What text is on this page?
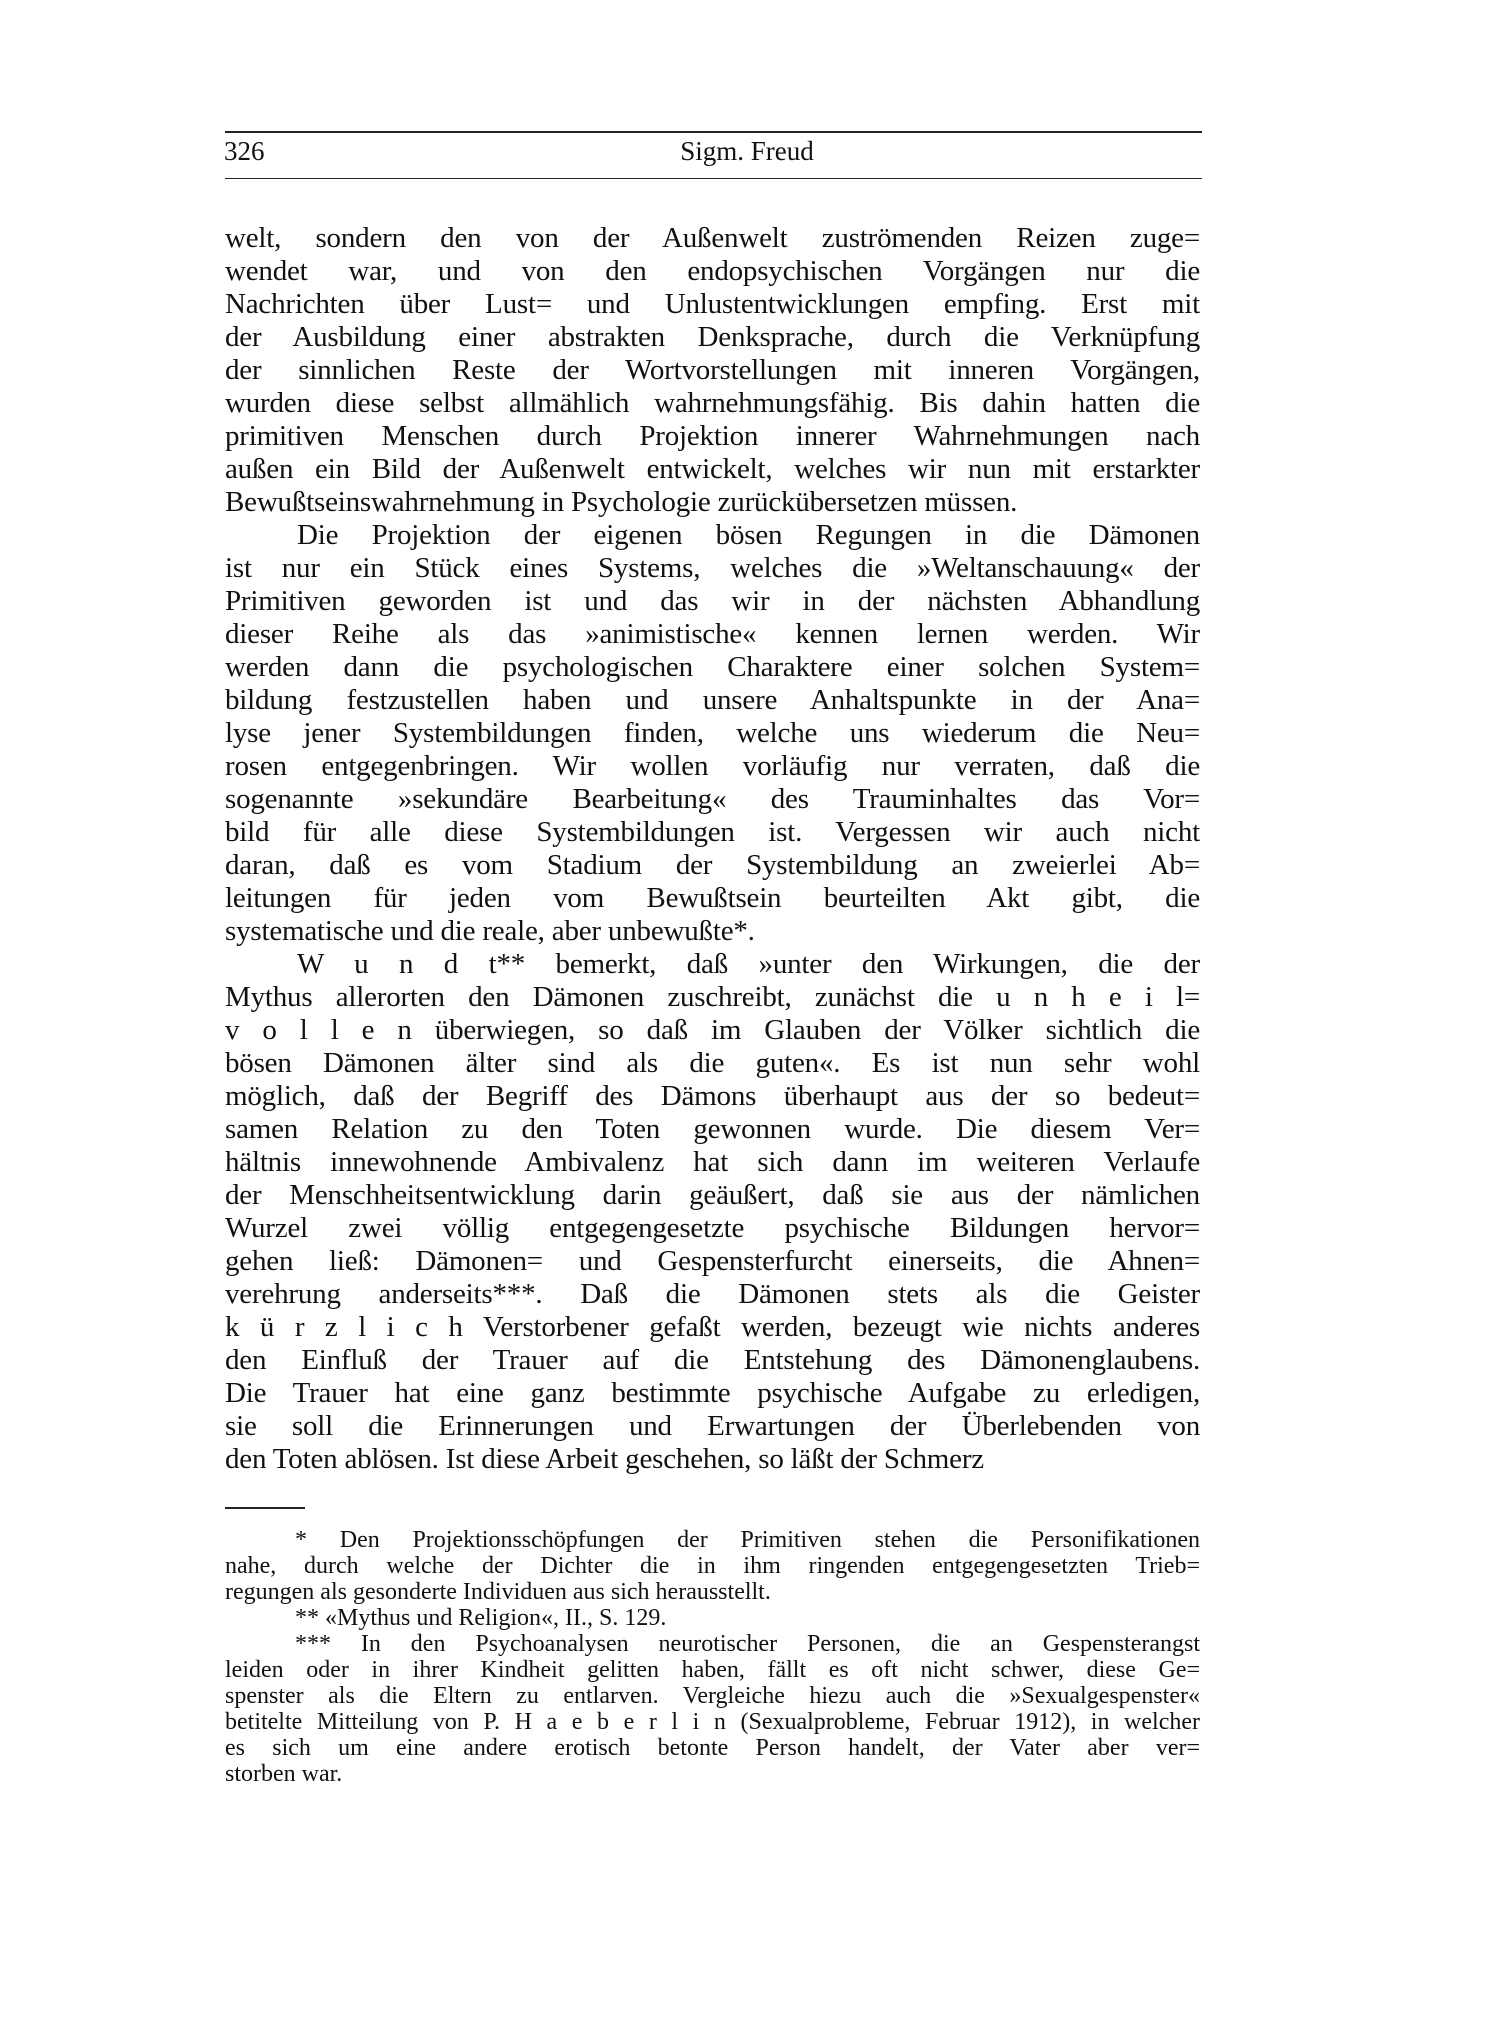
326	Sigm. Freud
welt, sondern den von der Außenwelt zuströmenden Reizen zuge=
wendet war, und von den endopsychischen Vorgängen nur die
Nachrichten über Lust= und Unlustentwicklungen empfing. Erst mit
der Ausbildung einer abstrakten Denksprache, durch die Verknüpfung
der sinnlichen Reste der Wortvorstellungen mit inneren Vorgängen,
wurden diese selbst allmählich wahrnehmungsfähig. Bis dahin hatten die
primitiven Menschen durch Projektion innerer Wahrnehmungen nach
außen ein Bild der Außenwelt entwickelt, welches wir nun mit erstarkter
Bewußtseinswahrnehmung in Psychologie zurückübersetzen müssen.
Die Projektion der eigenen bösen Regungen in die Dämonen
ist nur ein Stück eines Systems, welches die »Weltanschauung« der
Primitiven geworden ist und das wir in der nächsten Abhandlung
dieser Reihe als das »animistische« kennen lernen werden. Wir
werden dann die psychologischen Charaktere einer solchen System=
bildung festzustellen haben und unsere Anhaltspunkte in der Ana=
lyse jener Systembildungen finden, welche uns wiederum die Neu=
rosen entgegenbringen. Wir wollen vorläufig nur verraten, daß die
sogenannte »sekundäre Bearbeitung« des Trauminhaltes das Vor=
bild für alle diese Systembildungen ist. Vergessen wir auch nicht
daran, daß es vom Stadium der Systembildung an zweierlei Ab=
leitungen für jeden vom Bewußtsein beurteilten Akt gibt, die
systematische und die reale, aber unbewußte*.
W u n d t** bemerkt, daß »unter den Wirkungen, die der
Mythus allerorten den Dämonen zuschreibt, zunächst die u n h e i l=
v o l l e n überwiegen, so daß im Glauben der Völker sichtlich die
bösen Dämonen älter sind als die guten«. Es ist nun sehr wohl
möglich, daß der Begriff des Dämons überhaupt aus der so bedeut=
samen Relation zu den Toten gewonnen wurde. Die diesem Ver=
hältnis innewohnende Ambivalenz hat sich dann im weiteren Verlaufe
der Menschheitsentwicklung darin geäußert, daß sie aus der nämlichen
Wurzel zwei völlig entgegengesetzte psychische Bildungen hervor=
gehen ließ: Dämonen= und Gespensterfurcht einerseits, die Ahnen=
verehrung anderseits***. Daß die Dämonen stets als die Geister
k ü r z l i c h Verstorbener gefaßt werden, bezeugt wie nichts anderes
den Einfluß der Trauer auf die Entstehung des Dämonenglaubens.
Die Trauer hat eine ganz bestimmte psychische Aufgabe zu erledigen,
sie soll die Erinnerungen und Erwartungen der Überlebenden von
den Toten ablösen. Ist diese Arbeit geschehen, so läßt der Schmerz
* Den Projektionsschöpfungen der Primitiven stehen die Personifikationen
nahe, durch welche der Dichter die in ihm ringenden entgegengesetzten Trieb=
regungen als gesonderte Individuen aus sich herausstellt.
** «Mythus und Religion«, II., S. 129.
*** In den Psychoanalysen neurotischer Personen, die an Gespensterangst
leiden oder in ihrer Kindheit gelitten haben, fällt es oft nicht schwer, diese Ge=
spenster als die Eltern zu entlarven. Vergleiche hiezu auch die »Sexualgespenster«
betitelte Mitteilung von P. H a e b e r l i n (Sexualprobleme, Februar 1912), in welcher
es sich um eine andere erotisch betonte Person handelt, der Vater aber ver=
storben war.
